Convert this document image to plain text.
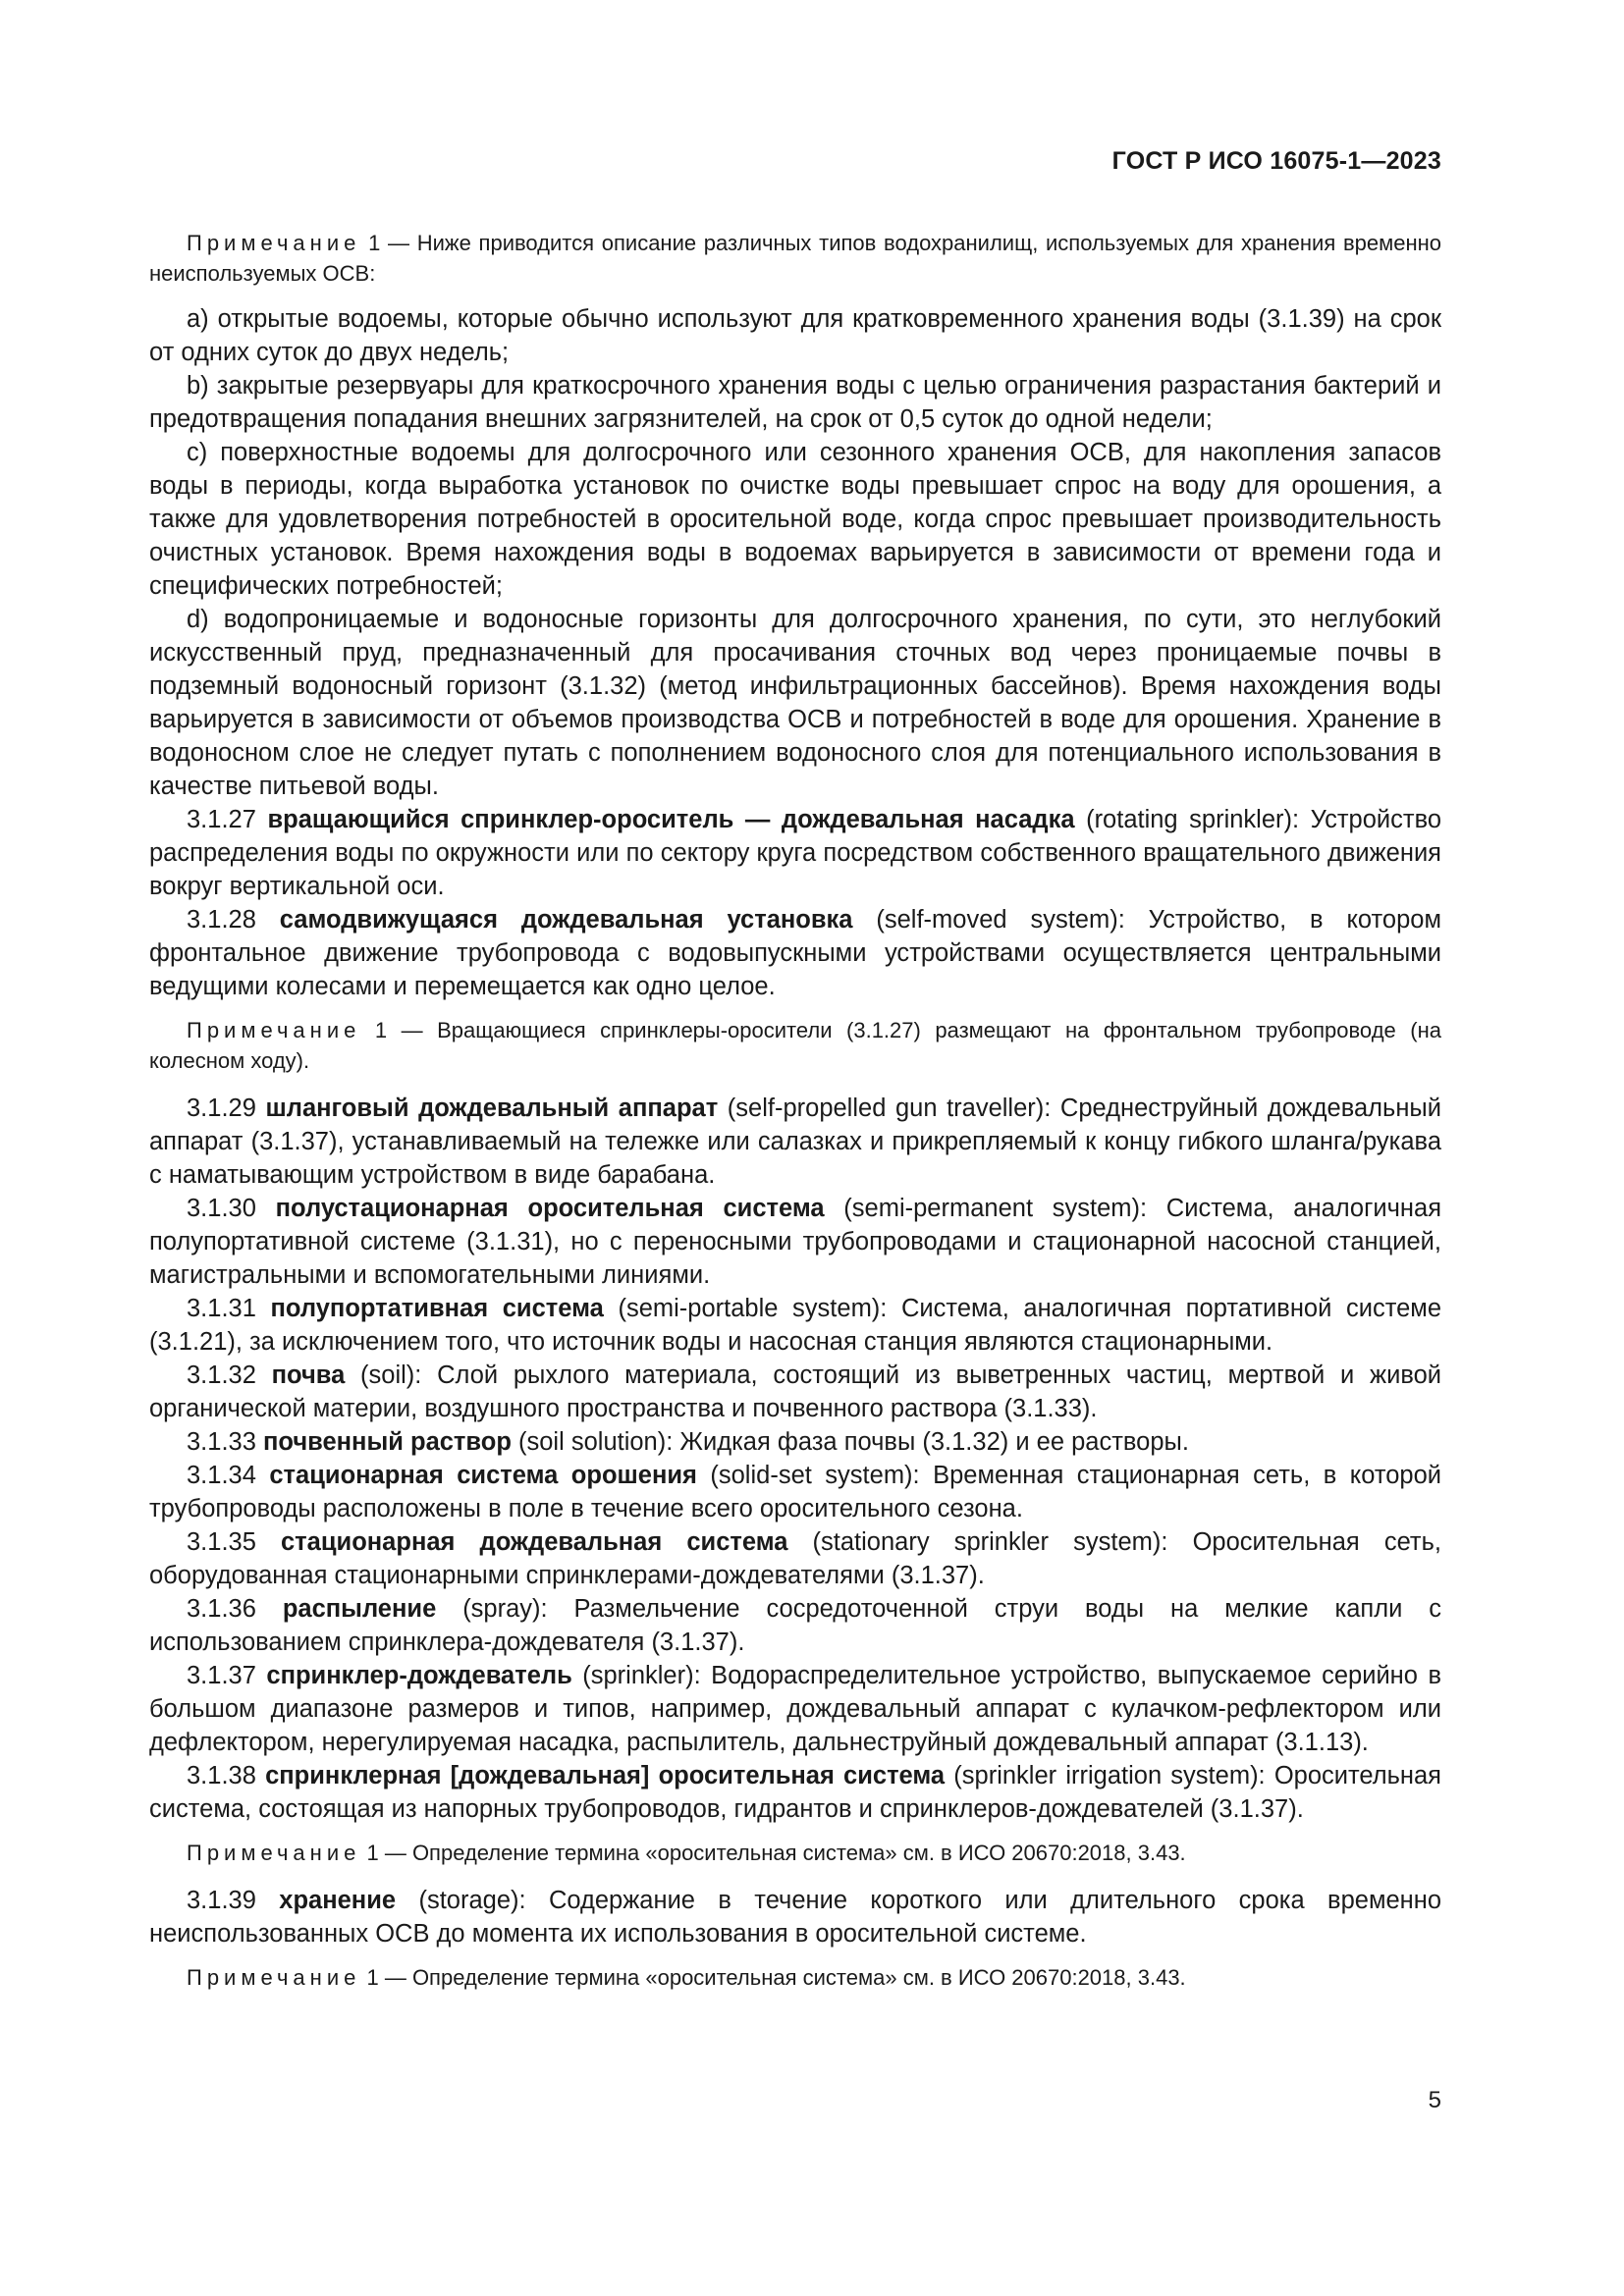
ГОСТ Р ИСО 16075-1—2023

Примечание 1 — Ниже приводится описание различных типов водохранилищ, используемых для хранения временно неиспользуемых ОСВ:

a) открытые водоемы, которые обычно используют для кратковременного хранения воды (3.1.39) на срок от одних суток до двух недель;

b) закрытые резервуары для краткосрочного хранения воды с целью ограничения разрастания бактерий и предотвращения попадания внешних загрязнителей, на срок от 0,5 суток до одной недели;

c) поверхностные водоемы для долгосрочного или сезонного хранения ОСВ, для накопления запасов воды в периоды, когда выработка установок по очистке воды превышает спрос на воду для орошения, а также для удовлетворения потребностей в оросительной воде, когда спрос превышает производительность очистных установок. Время нахождения воды в водоемах варьируется в зависимости от времени года и специфических потребностей;

d) водопроницаемые и водоносные горизонты для долгосрочного хранения, по сути, это неглубокий искусственный пруд, предназначенный для просачивания сточных вод через проницаемые почвы в подземный водоносный горизонт (3.1.32) (метод инфильтрационных бассейнов). Время нахождения воды варьируется в зависимости от объемов производства ОСВ и потребностей в воде для орошения. Хранение в водоносном слое не следует путать с пополнением водоносного слоя для потенциального использования в качестве питьевой воды.

3.1.27 вращающийся спринклер-ороситель — дождевальная насадка (rotating sprinkler): Устройство распределения воды по окружности или по сектору круга посредством собственного вращательного движения вокруг вертикальной оси.

3.1.28 самодвижущаяся дождевальная установка (self-moved system): Устройство, в котором фронтальное движение трубопровода с водовыпускными устройствами осуществляется центральными ведущими колесами и перемещается как одно целое.

Примечание 1 — Вращающиеся спринклеры-оросители (3.1.27) размещают на фронтальном трубопроводе (на колесном ходу).

3.1.29 шланговый дождевальный аппарат (self-propelled gun traveller): Среднеструйный дождевальный аппарат (3.1.37), устанавливаемый на тележке или салазках и прикрепляемый к концу гибкого шланга/рукава с наматывающим устройством в виде барабана.

3.1.30 полустационарная оросительная система (semi-permanent system): Система, аналогичная полупортативной системе (3.1.31), но с переносными трубопроводами и стационарной насосной станцией, магистральными и вспомогательными линиями.

3.1.31 полупортативная система (semi-portable system): Система, аналогичная портативной системе (3.1.21), за исключением того, что источник воды и насосная станция являются стационарными.

3.1.32 почва (soil): Слой рыхлого материала, состоящий из выветренных частиц, мертвой и живой органической материи, воздушного пространства и почвенного раствора (3.1.33).

3.1.33 почвенный раствор (soil solution): Жидкая фаза почвы (3.1.32) и ее растворы.

3.1.34 стационарная система орошения (solid-set system): Временная стационарная сеть, в которой трубопроводы расположены в поле в течение всего оросительного сезона.

3.1.35 стационарная дождевальная система (stationary sprinkler system): Оросительная сеть, оборудованная стационарными спринклерами-дождевателями (3.1.37).

3.1.36 распыление (spray): Размельчение сосредоточенной струи воды на мелкие капли с использованием спринклера-дождевателя (3.1.37).

3.1.37 спринклер-дождеватель (sprinkler): Водораспределительное устройство, выпускаемое серийно в большом диапазоне размеров и типов, например, дождевальный аппарат с кулачком-рефлектором или дефлектором, нерегулируемая насадка, распылитель, дальнеструйный дождевальный аппарат (3.1.13).

3.1.38 спринклерная [дождевальная] оросительная система (sprinkler irrigation system): Оросительная система, состоящая из напорных трубопроводов, гидрантов и спринклеров-дождевателей (3.1.37).

Примечание 1 — Определение термина «оросительная система» см. в ИСО 20670:2018, 3.43.

3.1.39 хранение (storage): Содержание в течение короткого или длительного срока временно неиспользованных ОСВ до момента их использования в оросительной системе.

Примечание 1 — Определение термина «оросительная система» см. в ИСО 20670:2018, 3.43.

5
